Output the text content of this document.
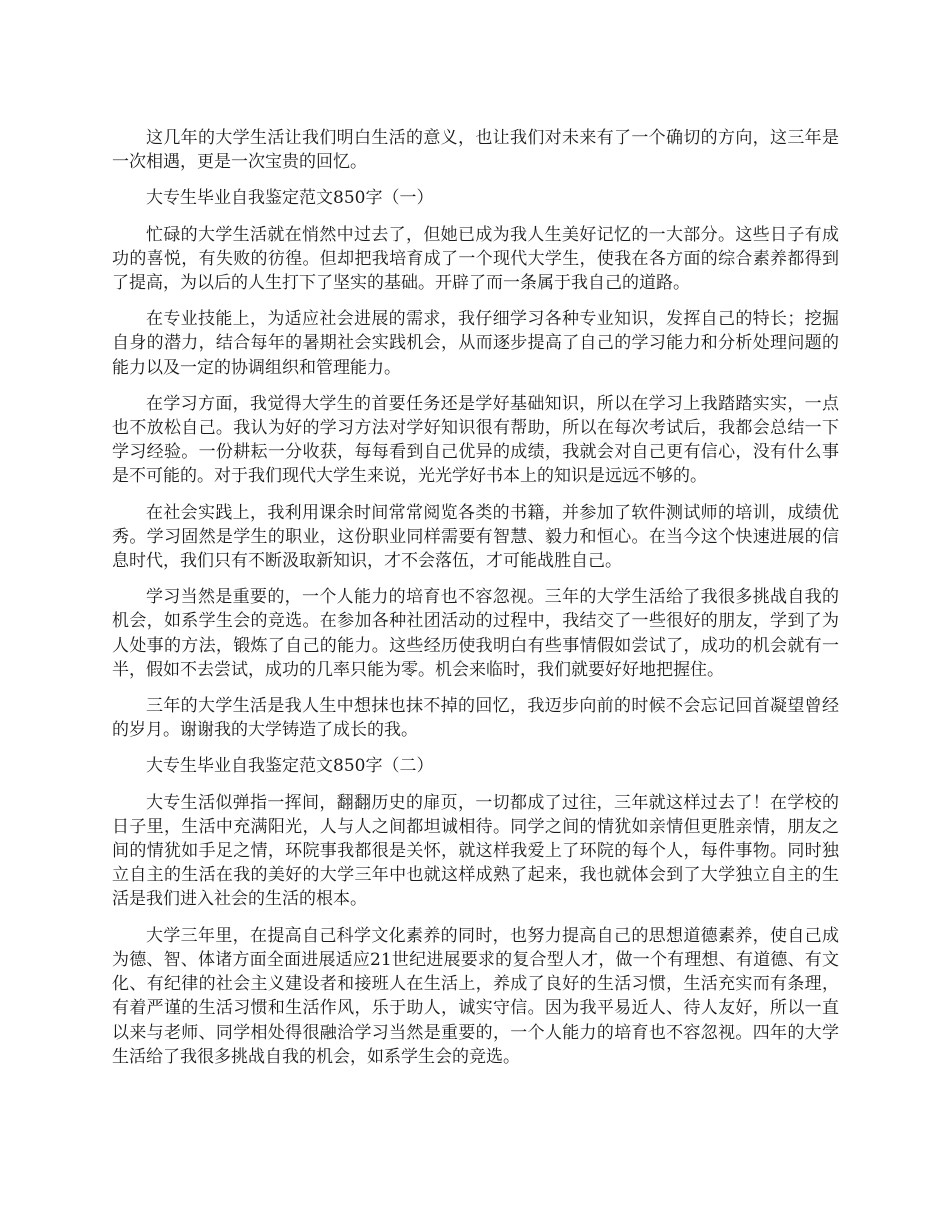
这几年的大学生活让我们明白生活的意义，也让我们对未来有了一个确切的方向，这三年是一次相遇，更是一次宝贵的回忆。

大专生毕业自我鉴定范文850字（一）

忙碌的大学生活就在悄然中过去了，但她已成为我人生美好记忆的一大部分。这些日子有成功的喜悦，有失败的彷徨。但却把我培育成了一个现代大学生，使我在各方面的综合素养都得到了提高，为以后的人生打下了坚实的基础。开辟了而一条属于我自己的道路。

在专业技能上，为适应社会进展的需求，我仔细学习各种专业知识，发挥自己的特长；挖掘自身的潜力，结合每年的暑期社会实践机会，从而逐步提高了自己的学习能力和分析处理问题的能力以及一定的协调组织和管理能力。

在学习方面，我觉得大学生的首要任务还是学好基础知识，所以在学习上我踏踏实实，一点也不放松自己。我认为好的学习方法对学好知识很有帮助，所以在每次考试后，我都会总结一下学习经验。一份耕耘一分收获，每每看到自己优异的成绩，我就会对自己更有信心，没有什么事是不可能的。对于我们现代大学生来说，光光学好书本上的知识是远远不够的。

在社会实践上，我利用课余时间常常阅览各类的书籍，并参加了软件测试师的培训，成绩优秀。学习固然是学生的职业，这份职业同样需要有智慧、毅力和恒心。在当今这个快速进展的信息时代，我们只有不断汲取新知识，才不会落伍，才可能战胜自己。

学习当然是重要的，一个人能力的培育也不容忽视。三年的大学生活给了我很多挑战自我的机会，如系学生会的竞选。在参加各种社团活动的过程中，我结交了一些很好的朋友，学到了为人处事的方法，锻炼了自己的能力。这些经历使我明白有些事情假如尝试了，成功的机会就有一半，假如不去尝试，成功的几率只能为零。机会来临时，我们就要好好地把握住。

三年的大学生活是我人生中想抹也抹不掉的回忆，我迈步向前的时候不会忘记回首凝望曾经的岁月。谢谢我的大学铸造了成长的我。

大专生毕业自我鉴定范文850字（二）

大专生活似弹指一挥间，翻翻历史的扉页，一切都成了过往，三年就这样过去了！在学校的日子里，生活中充满阳光，人与人之间都坦诚相待。同学之间的情犹如亲情但更胜亲情，朋友之间的情犹如手足之情，环院事我都很是关怀，就这样我爱上了环院的每个人，每件事物。同时独立自主的生活在我的美好的大学三年中也就这样成熟了起来，我也就体会到了大学独立自主的生活是我们进入社会的生活的根本。

大学三年里，在提高自己科学文化素养的同时，也努力提高自己的思想道德素养，使自己成为德、智、体诸方面全面进展适应21世纪进展要求的复合型人才，做一个有理想、有道德、有文化、有纪律的社会主义建设者和接班人在生活上，养成了良好的生活习惯，生活充实而有条理，有着严谨的生活习惯和生活作风，乐于助人，诚实守信。因为我平易近人、待人友好，所以一直以来与老师、同学相处得很融洽学习当然是重要的，一个人能力的培育也不容忽视。四年的大学生活给了我很多挑战自我的机会，如系学生会的竞选。
